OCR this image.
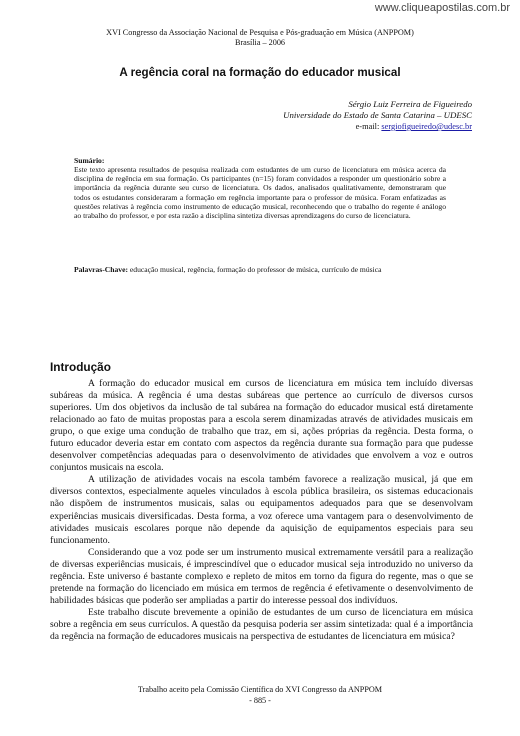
www.cliqueapostilas.com.br
XVI Congresso da Associação Nacional de Pesquisa e Pós-graduação em Música (ANPPOM)
Brasília – 2006
A regência coral na formação do educador musical
Sérgio Luiz Ferreira de Figueiredo
Universidade do Estado de Santa Catarina – UDESC
e-mail: sergiofigueiredo@udesc.br
Sumário:
Este texto apresenta resultados de pesquisa realizada com estudantes de um curso de licenciatura em música acerca da disciplina de regência em sua formação. Os participantes (n=15) foram convidados a responder um questionário sobre a importância da regência durante seu curso de licenciatura. Os dados, analisados qualitativamente, demonstraram que todos os estudantes consideraram a formação em regência importante para o professor de música. Foram enfatizadas as questões relativas à regência como instrumento de educação musical, reconhecendo que o trabalho do regente é análogo ao trabalho do professor, e por esta razão a disciplina sintetiza diversas aprendizagens do curso de licenciatura.
Palavras-Chave: educação musical, regência, formação do professor de música, currículo de música
Introdução

A formação do educador musical em cursos de licenciatura em música tem incluído diversas subáreas da música. A regência é uma destas subáreas que pertence ao currículo de diversos cursos superiores. Um dos objetivos da inclusão de tal subárea na formação do educador musical está diretamente relacionado ao fato de muitas propostas para a escola serem dinamizadas através de atividades musicais em grupo, o que exige uma condução de trabalho que traz, em si, ações próprias da regência. Desta forma, o futuro educador deveria estar em contato com aspectos da regência durante sua formação para que pudesse desenvolver competências adequadas para o desenvolvimento de atividades que envolvem a voz e outros conjuntos musicais na escola.

A utilização de atividades vocais na escola também favorece a realização musical, já que em diversos contextos, especialmente aqueles vinculados à escola pública brasileira, os sistemas educacionais não dispõem de instrumentos musicais, salas ou equipamentos adequados para que se desenvolvam experiências musicais diversificadas. Desta forma, a voz oferece uma vantagem para o desenvolvimento de atividades musicais escolares porque não depende da aquisição de equipamentos especiais para seu funcionamento.

Considerando que a voz pode ser um instrumento musical extremamente versátil para a realização de diversas experiências musicais, é imprescindível que o educador musical seja introduzido no universo da regência. Este universo é bastante complexo e repleto de mitos em torno da figura do regente, mas o que se pretende na formação do licenciado em música em termos de regência é efetivamente o desenvolvimento de habilidades básicas que poderão ser ampliadas a partir do interesse pessoal dos indivíduos.

Este trabalho discute brevemente a opinião de estudantes de um curso de licenciatura em música sobre a regência em seus currículos. A questão da pesquisa poderia ser assim sintetizada: qual é a importância da regência na formação de educadores musicais na perspectiva de estudantes de licenciatura em música?

Trabalho aceito pela Comissão Científica do XVI Congresso da ANPPOM
- 885 -
